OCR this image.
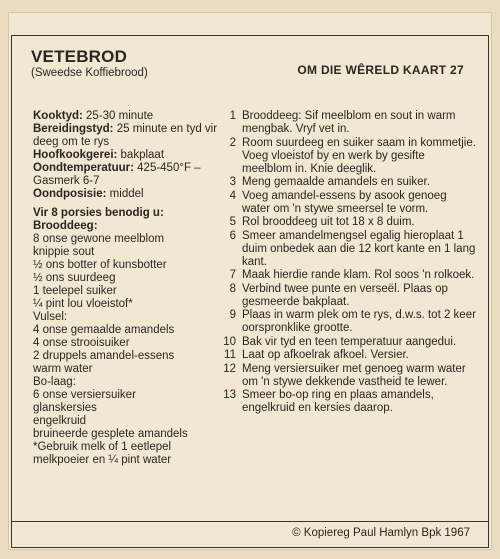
VETEBROD
(Sweedse Koffiebrood)	OM DIE WÊRELD KAART 27

Kooktyd: 25-30 minute

Bereidingstyd: 25 minute en tyd vir deeg om te rys

Hoofkookgerei: bakplaat

Oondtemperatuur: 425-450°F – Gasmerk 6-7

Oondposisie: middel

Vir 8 porsies benodig u:

Brooddeeg:

8 onse gewone meelblom

knippie sout

½ ons botter of kunsbotter

½ ons suurdeeg

1 teelepel suiker

¼ pint lou vloeistof*

Vulsel:

4 onse gemaalde amandels

4 onse strooisuiker

2 druppels amandel-essens

warm water

Bo-laag:

6 onse versiersuiker

glanskersies

engelkruid

bruineerde gesplete amandels

*Gebruik melk of 1 eetlepel melkpoeier en ¼ pint water

1 Brooddeeg: Sif meelblom en sout in warm mengbak. Vryf vet in.
2 Room suurdeeg en suiker saam in kommetjie. Voeg vloeistof by en werk by gesifte meelblom in. Knie deeglik.
3 Meng gemaalde amandels en suiker.
4 Voeg amandel-essens by asook genoeg water om 'n stywe smeersel te vorm.
5 Rol brooddeeg uit tot 18 x 8 duim.
6 Smeer amandelmengsel egalig hieroplaat 1 duim onbedek aan die 12 kort kante en 1 lang kant.
7 Maak hierdie rande klam. Rol soos 'n rolkoek.
8 Verbind twee punte en verseël. Plaas op gesmeerde bakplaat.
9 Plaas in warm plek om te rys, d.w.s. tot 2 keer oorspronklike grootte.
10 Bak vir tyd en teen temperatuur aangedui.
11 Laat op afkoelrak afkoel. Versier.
12 Meng versiersuiker met genoeg warm water om 'n stywe dekkende vastheid te lewer.
13 Smeer bo-op ring en plaas amandels, engelkruid en kersies daarop.
© Kopiereg Paul Hamlyn Bpk 1967
